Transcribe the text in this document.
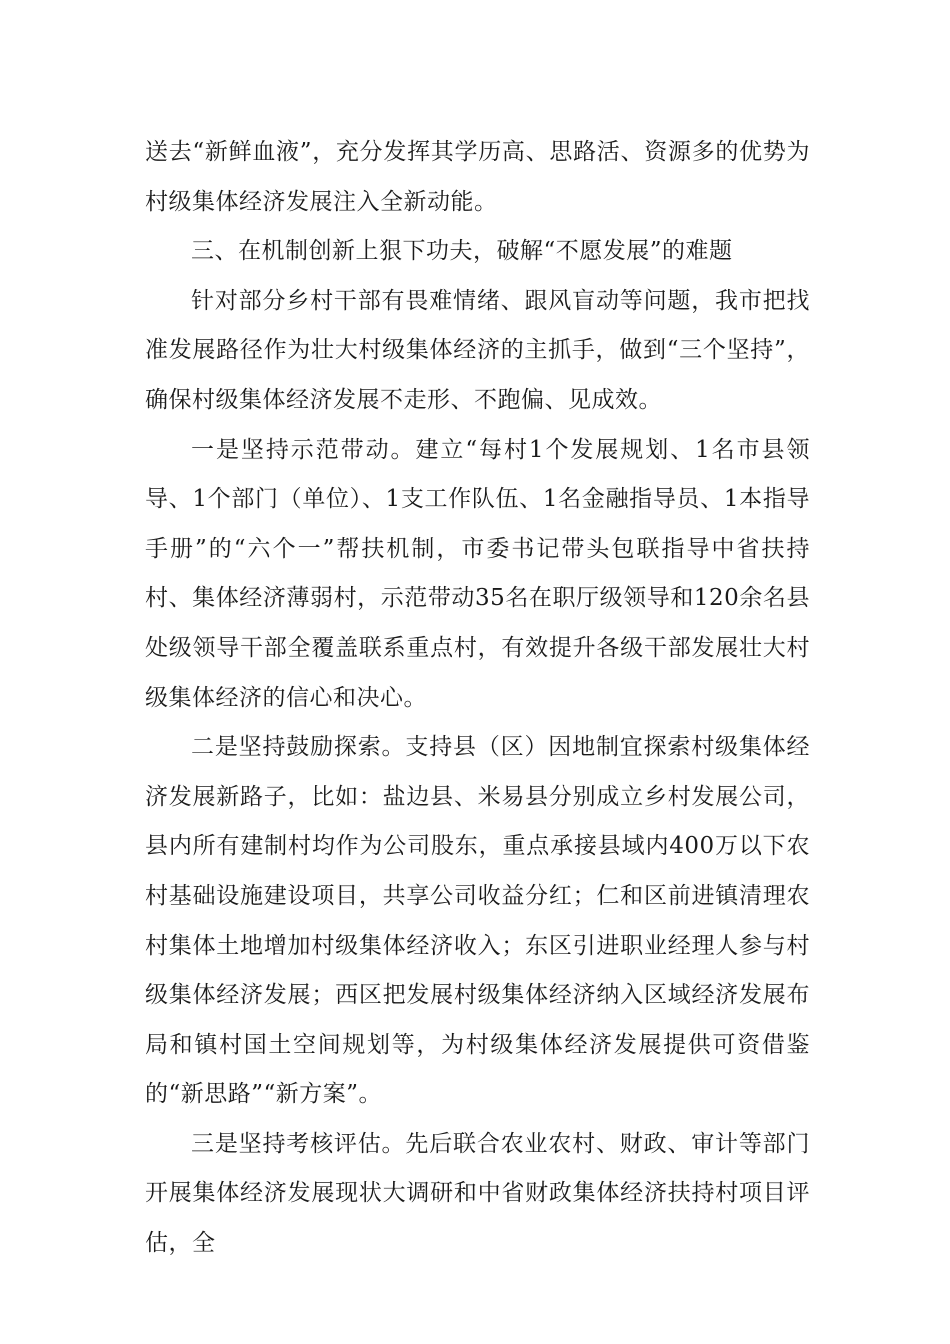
送去“新鲜血液”，充分发挥其学历高、思路活、资源多的优势为村级集体经济发展注入全新动能。

三、在机制创新上狠下功夫，破解“不愿发展”的难题

针对部分乡村干部有畏难情绪、跟风盲动等问题，我市把找准发展路径作为壮大村级集体经济的主抓手，做到“三个坚持”，确保村级集体经济发展不走形、不跑偏、见成效。

一是坚持示范带动。建立“每村1个发展规划、1名市县领导、1个部门（单位）、1支工作队伍、1名金融指导员、1本指导手册”的“六个一”帮扶机制，市委书记带头包联指导中省扶持村、集体经济薄弱村，示范带动35名在职厅级领导和120余名县处级领导干部全覆盖联系重点村，有效提升各级干部发展壮大村级集体经济的信心和决心。

二是坚持鼓励探索。支持县（区）因地制宜探索村级集体经济发展新路子，比如：盐边县、米易县分别成立乡村发展公司，县内所有建制村均作为公司股东，重点承接县域内400万以下农村基础设施建设项目，共享公司收益分红；仁和区前进镇清理农村集体土地增加村级集体经济收入；东区引进职业经理人参与村级集体经济发展；西区把发展村级集体经济纳入区域经济发展布局和镇村国土空间规划等，为村级集体经济发展提供可资借鉴的“新思路”“新方案”。

三是坚持考核评估。先后联合农业农村、财政、审计等部门开展集体经济发展现状大调研和中省财政集体经济扶持村项目评估，全
